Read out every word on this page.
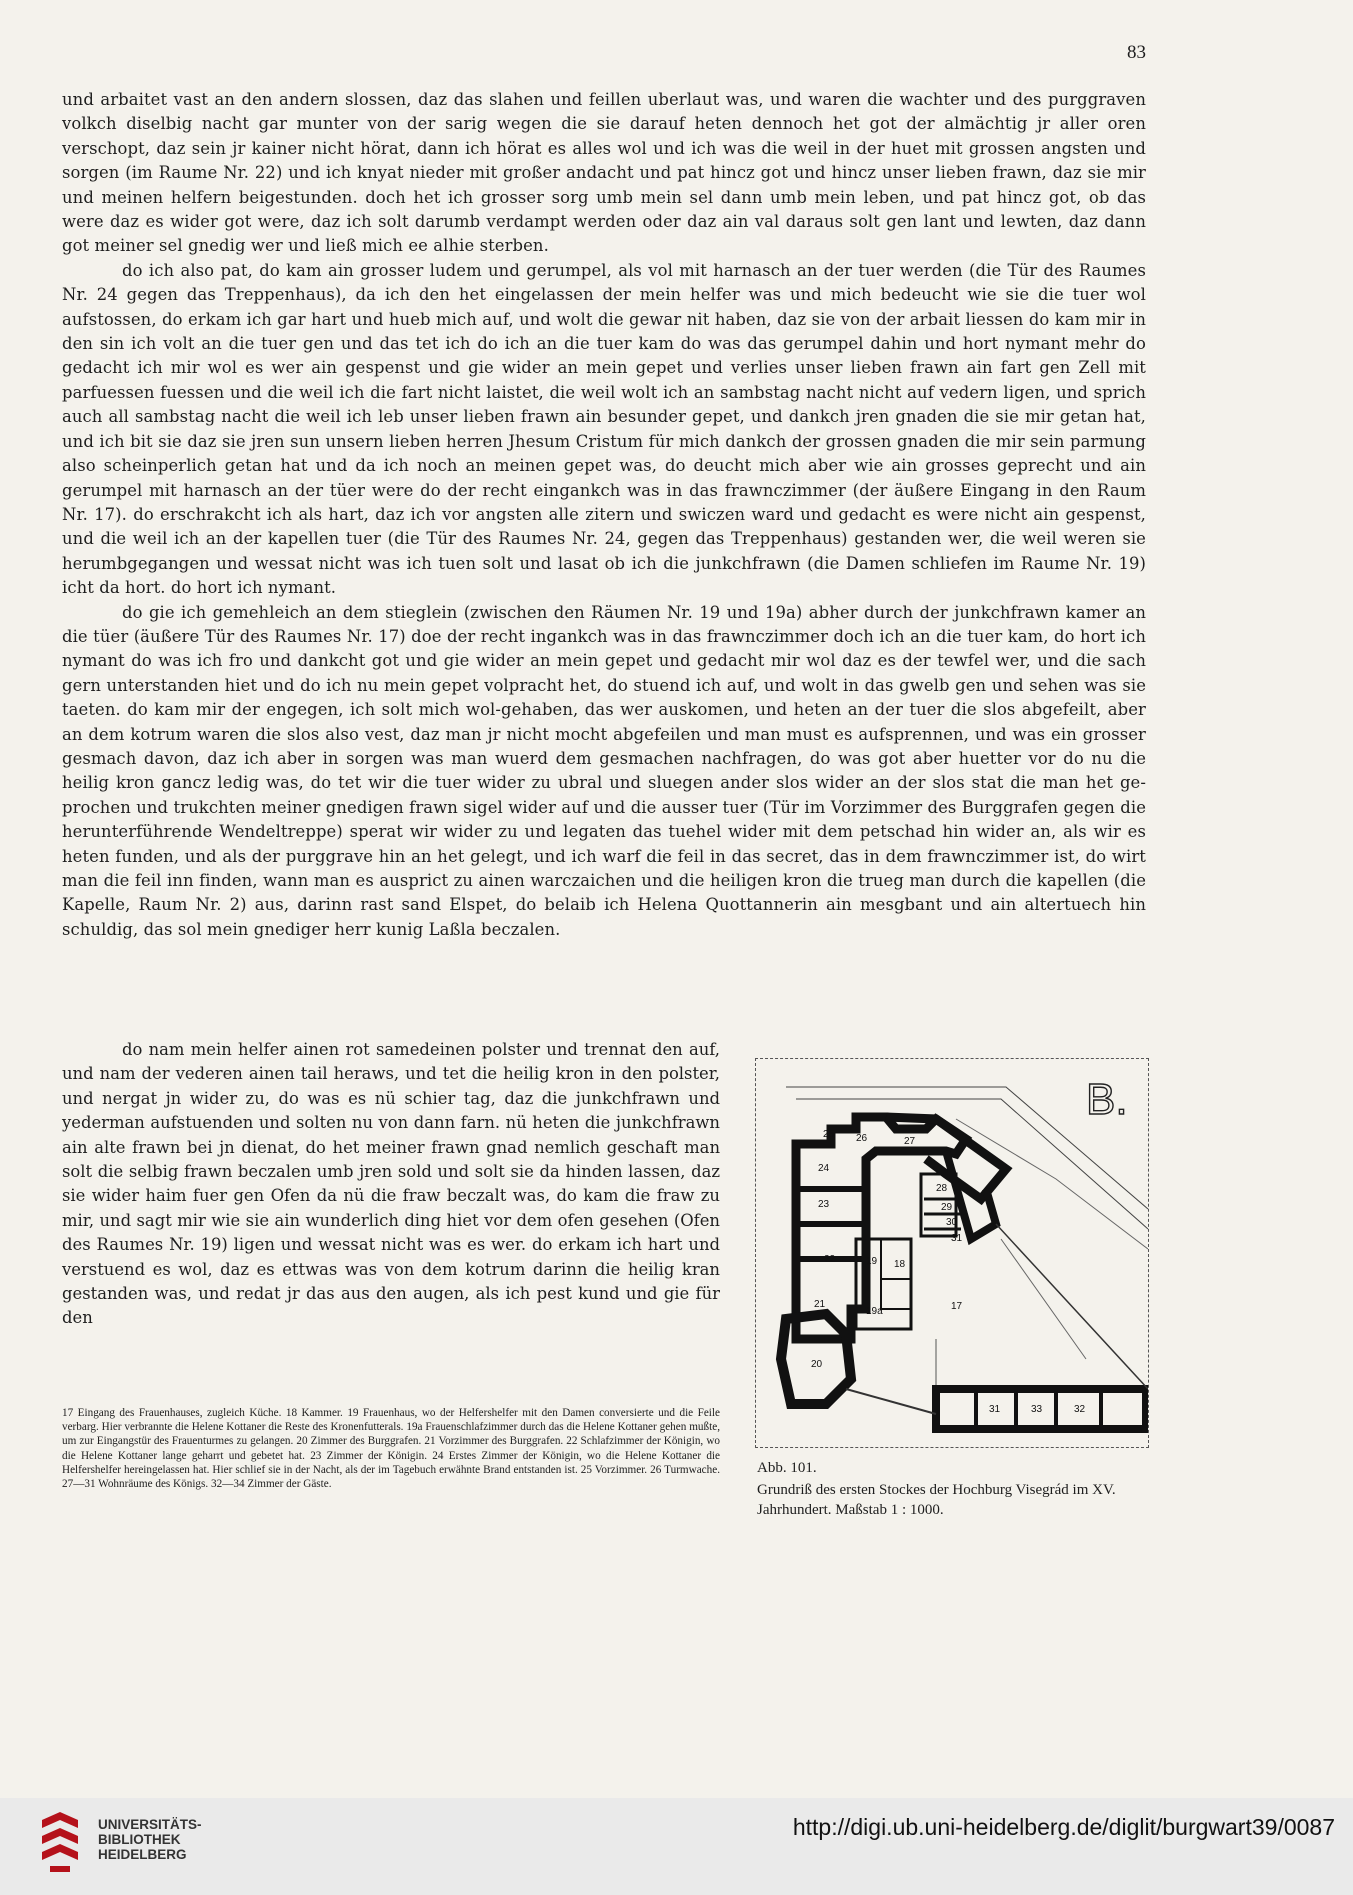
83

und arbaitet vast an den andern slossen, daz das slahen und feillen uberlaut was, und waren die wachter und des purggraven volkch diselbig nacht gar munter von der sarig wegen die sie darauf heten dennoch het got der almächtig jr aller oren verschopt, daz sein jr kainer nicht hörat, dann ich hörat es alles wol und ich was die weil in der huet mit grossen angsten und sorgen (im Raume Nr. 22) und ich knyat nieder mit großer andacht und pat hincz got und hincz unser lieben frawn, daz sie mir und meinen helfern beigestunden. doch het ich grosser sorg umb mein sel dann umb mein leben, und pat hincz got, ob das were daz es wider got were, daz ich solt darumb verdampt werden oder daz ain val daraus solt gen lant und lewten, daz dann got meiner sel gnedig wer und ließ mich ee alhie sterben.

do ich also pat, do kam ain grosser ludem und gerumpel, als vol mit harnasch an der tuer werden (die Tür des Raumes Nr. 24 gegen das Treppenhaus), da ich den het eingelassen der mein helfer was und mich bedeucht wie sie die tuer wol aufstossen, do erkam ich gar hart und hueb mich auf, und wolt die gewar nit haben, daz sie von der arbait liessen do kam mir in den sin ich volt an die tuer gen und das tet ich do ich an die tuer kam do was das gerumpel dahin und hort nymant mehr do gedacht ich mir wol es wer ain gespenst und gie wider an mein gepet und verlies unser lieben frawn ain fart gen Zell mit parfuessen fuessen und die weil ich die fart nicht laistet, die weil wolt ich an sambstag nacht nicht auf vedern ligen, und sprich auch all sambstag nacht die weil ich leb unser lieben frawn ain besunder gepet, und dankch jren gnaden die sie mir getan hat, und ich bit sie daz sie jren sun unsern lieben herren Jhesum Cristum für mich dankch der grossen gnaden die mir sein parmung also scheinperlich getan hat und da ich noch an meinen gepet was, do deucht mich aber wie ain grosses geprecht und ain gerumpel mit harnasch an der tüer were do der recht eingankch was in das frawnczimmer (der äußere Eingang in den Raum Nr. 17). do erschrakcht ich als hart, daz ich vor angsten alle zitern und swiczen ward und gedacht es were nicht ain gespenst, und die weil ich an der kapellen tuer (die Tür des Raumes Nr. 24, gegen das Treppenhaus) gestanden wer, die weil weren sie herumbgegangen und wessat nicht was ich tuen solt und lasat ob ich die junkchfrawn (die Damen schliefen im Raume Nr. 19) icht da hort. do hort ich nymant.

do gie ich gemehleich an dem stieglein (zwischen den Räumen Nr. 19 und 19a) abher durch der junkchfrawn kamer an die tüer (äußere Tür des Raumes Nr. 17) doe der recht ingankch was in das frawnczimmer doch ich an die tuer kam, do hort ich nymant do was ich fro und dankcht got und gie wider an mein gepet und gedacht mir wol daz es der tewfel wer, und die sach gern unterstanden hiet und do ich nu mein gepet volpracht het, do stuend ich auf, und wolt in das gwelb gen und sehen was sie taeten. do kam mir der engegen, ich solt mich wol-gehaben, das wer auskomen, und heten an der tuer die slos abgefeilt, aber an dem kotrum waren die slos also vest, daz man jr nicht mocht abgefeilen und man must es aufsprennen, und was ein grosser gesmach davon, daz ich aber in sorgen was man wuerd dem gesmachen nachfragen, do was got aber huetter vor do nu die heilig kron gancz ledig was, do tet wir die tuer wider zu ubral und sluegen ander slos wider an der slos stat die man het ge-prochen und trukchten meiner gnedigen frawn sigel wider auf und die ausser tuer (Tür im Vorzimmer des Burggrafen gegen die herunterführende Wendeltreppe) sperat wir wider zu und legaten das tuehel wider mit dem petschad hin wider an, als wir es heten funden, und als der purggrave hin an het gelegt, und ich warf die feil in das secret, das in dem frawnczimmer ist, do wirt man die feil inn finden, wann man es ausprict zu ainen warczaichen und die heiligen kron die trueg man durch die kapellen (die Kapelle, Raum Nr. 2) aus, darinn rast sand Elspet, do belaib ich Helena Quottannerin ain mesgbant und ain altertuech hin schuldig, das sol mein gnediger herr kunig Laßla beczalen.

do nam mein helfer ainen rot samedeinen polster und trennat den auf, und nam der vederen ainen tail heraws, und tet die heilig kron in den polster, und nergat jn wider zu, do was es nü schier tag, daz die junkchfrawn und yederman aufstuenden und solten nu von dann farn. nü heten die junkchfrawn ain alte frawn bei jn dienat, do het meiner frawn gnad nemlich geschaft man solt die selbig frawn beczalen umb jren sold und solt sie da hinden lassen, daz sie wider haim fuer gen Ofen da nü die fraw beczalt was, do kam die fraw zu mir, und sagt mir wie sie ain wunderlich ding hiet vor dem ofen gesehen (Ofen des Raumes Nr. 19) ligen und wessat nicht was es wer. do erkam ich hart und verstuend es wol, daz es ettwas was von dem kotrum darinn die heilig kran gestanden was, und redat jr das aus den augen, als ich pest kund und gie für den

17 Eingang des Frauenhauses, zugleich Küche. 18 Kammer. 19 Frauenhaus, wo der Helfershelfer mit den Damen conversierte und die Feile verbarg. Hier verbrannte die Helene Kottaner die Reste des Kronenfutterals. 19a Frauenschlafzimmer durch das die Helene Kottaner gehen mußte, um zur Eingangstür des Frauenturmes zu gelangen. 20 Zimmer des Burggrafen. 21 Vorzimmer des Burggrafen. 22 Schlafzimmer der Königin, wo die Helene Kottaner lange geharrt und gebetet hat. 23 Zimmer der Königin. 24 Erstes Zimmer der Königin, wo die Helene Kottaner die Helfershelfer hereingelassen hat. Hier schlief sie in der Nacht, als der im Tagebuch erwähnte Brand entstanden ist. 25 Vorzimmer. 26 Turmwache. 27—31 Wohnräume des Königs. 32—34 Zimmer der Gäste.
B.
17
18
19
19a
20
21
22
23
24
25 26	27
28
29
30
31
31	32
33
Abb. 101.
Grundriß des ersten Stockes der Hochburg Visegrád im XV. Jahrhundert. Maßstab 1 : 1000.
UNIVERSITÄTS-
BIBLIOTHEK
HEIDELBERG
http://digi.ub.uni-heidelberg.de/diglit/burgwart39/0087
